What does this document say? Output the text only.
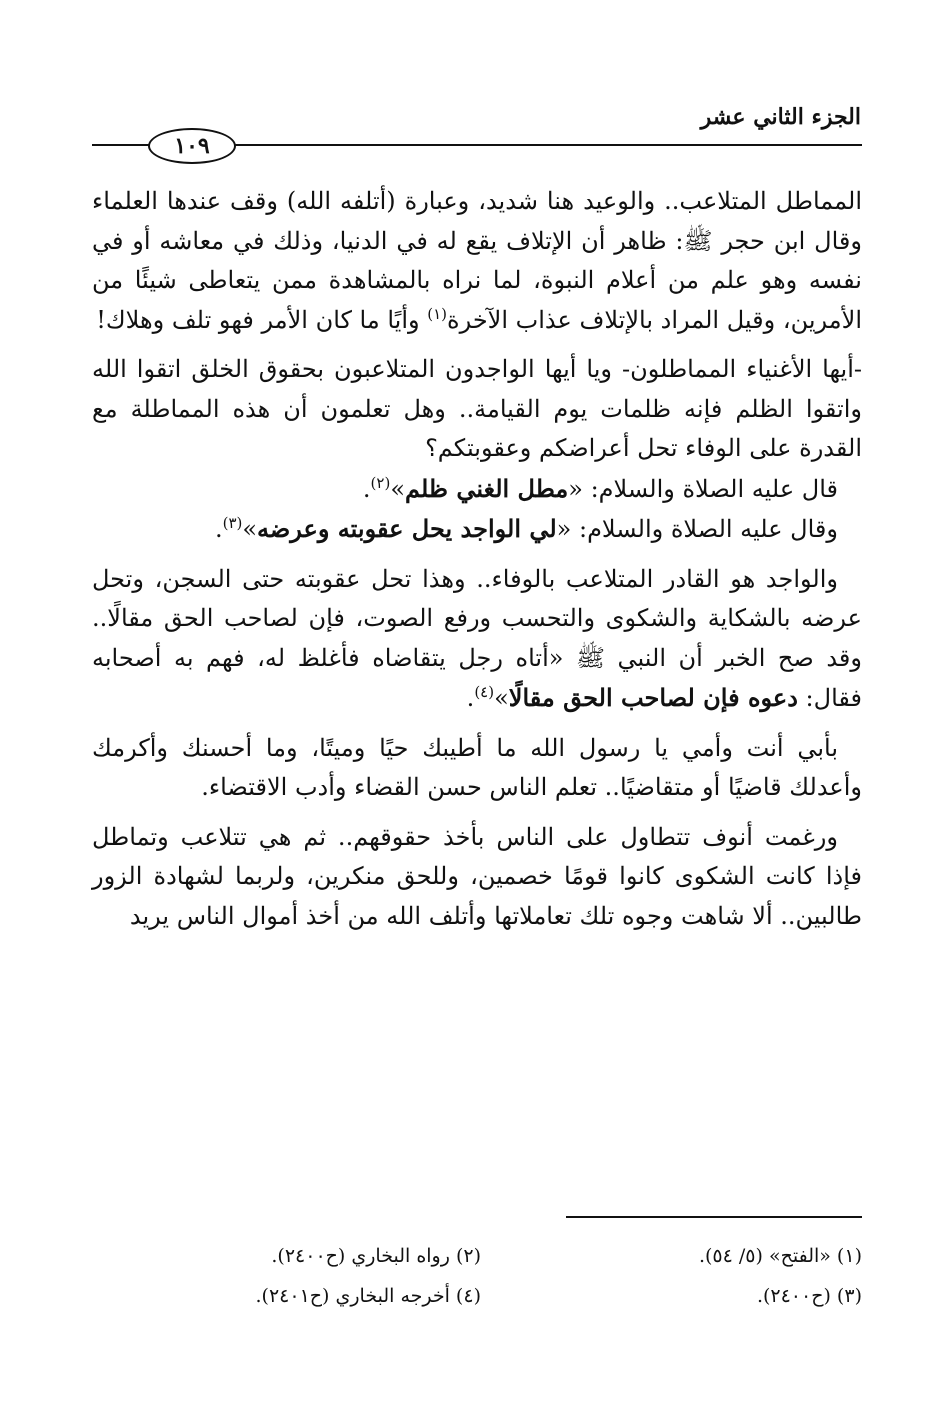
الجزء الثاني عشر
١٠٩

المماطل المتلاعب.. والوعيد هنا شديد، وعبارة (أتلفه الله) وقف عندها العلماء وقال ابن حجر ﷺ: ظاهر أن الإتلاف يقع له في الدنيا، وذلك في معاشه أو في نفسه وهو علم من أعلام النبوة، لما نراه بالمشاهدة ممن يتعاطى شيئًا من الأمرين، وقيل المراد بالإتلاف عذاب الآخرة$^{(١)}$ وأيًا ما كان الأمر فهو تلف وهلاك!

-أيها الأغنياء المماطلون- ويا أيها الواجدون المتلاعبون بحقوق الخلق اتقوا الله واتقوا الظلم فإنه ظلمات يوم القيامة.. وهل تعلمون أن هذه المماطلة مع القدرة على الوفاء تحل أعراضكم وعقوبتكم؟

قال عليه الصلاة والسلام: «مطل الغني ظلم»$^{(٢)}$.

وقال عليه الصلاة والسلام: «لي الواجد يحل عقوبته وعرضه»$^{(٣)}$.

والواجد هو القادر المتلاعب بالوفاء.. وهذا تحل عقوبته حتى السجن، وتحل عرضه بالشكاية والشكوى والتحسب ورفع الصوت، فإن لصاحب الحق مقالًا.. وقد صح الخبر أن النبي ﷺ «أتاه رجل يتقاضاه فأغلظ له، فهم به أصحابه فقال: دعوه فإن لصاحب الحق مقالًا»$^{(٤)}$.

بأبي أنت وأمي يا رسول الله ما أطيبك حيًا وميتًا، وما أحسنك وأكرمك وأعدلك قاضيًا أو متقاضيًا.. تعلم الناس حسن القضاء وأدب الاقتضاء.

ورغمت أنوف تتطاول على الناس بأخذ حقوقهم.. ثم هي تتلاعب وتماطل فإذا كانت الشكوى كانوا قومًا خصمين، وللحق منكرين، ولربما لشهادة الزور طالبين.. ألا شاهت وجوه تلك تعاملاتها وأتلف الله من أخذ أموال الناس يريد

(١) «الفتح» (٥/ ٥٤).
(٢) رواه البخاري (ح٢٤٠٠).
(٣) (ح٢٤٠٠).
(٤) أخرجه البخاري (ح٢٤٠١).
